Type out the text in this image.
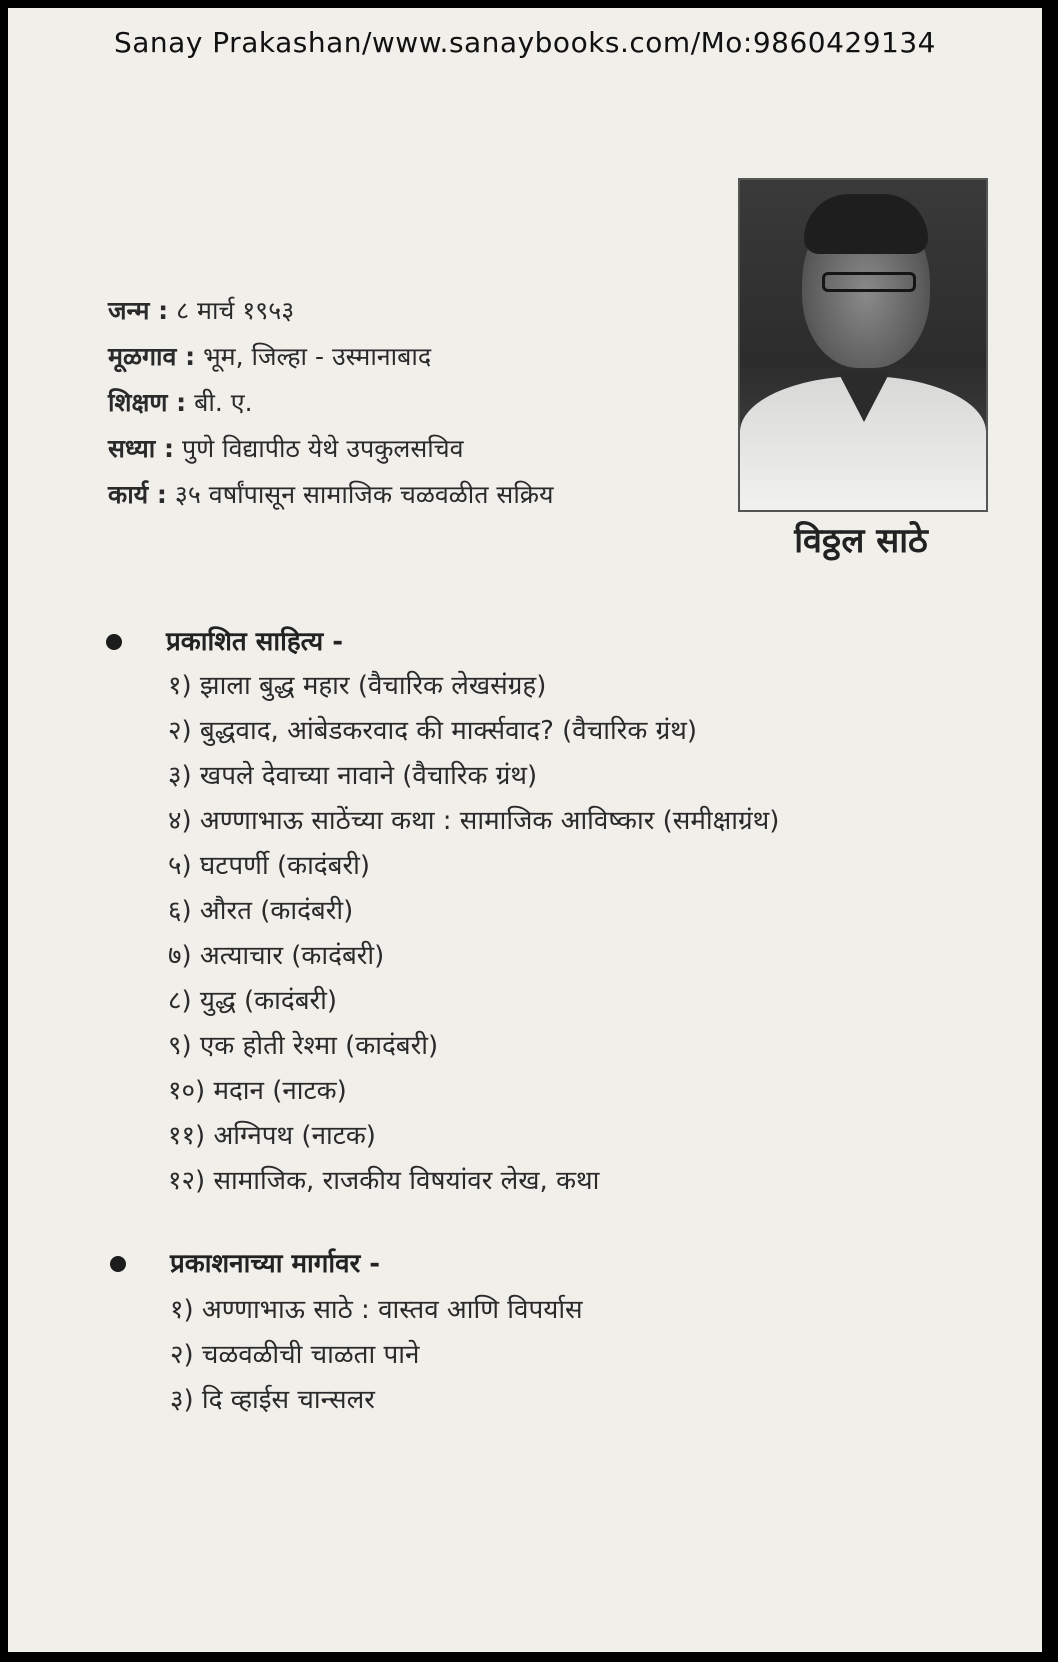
Sanay Prakashan/www.sanaybooks.com/Mo:9860429134
विठ्ठल साठे
जन्म : ८ मार्च १९५३
मूळगाव : भूम, जिल्हा - उस्मानाबाद
शिक्षण : बी. ए.
सध्या : पुणे विद्यापीठ येथे उपकुलसचिव
कार्य : ३५ वर्षांपासून सामाजिक चळवळीत सक्रिय
प्रकाशित साहित्य -
१) झाला बुद्ध महार (वैचारिक लेखसंग्रह)
२) बुद्धवाद, आंबेडकरवाद की मार्क्सवाद? (वैचारिक ग्रंथ)
३) खपले देवाच्या नावाने (वैचारिक ग्रंथ)
४) अण्णाभाऊ साठेंच्या कथा : सामाजिक आविष्कार (समीक्षाग्रंथ)
५) घटपर्णी (कादंबरी)
६) औरत (कादंबरी)
७) अत्याचार (कादंबरी)
८) युद्ध (कादंबरी)
९) एक होती रेश्मा (कादंबरी)
१०) मदान (नाटक)
११) अग्निपथ (नाटक)
१२) सामाजिक, राजकीय विषयांवर लेख, कथा
प्रकाशनाच्या मार्गावर -
१) अण्णाभाऊ साठे : वास्तव आणि विपर्यास
२) चळवळीची चाळता पाने
३) दि व्हाईस चान्सलर
